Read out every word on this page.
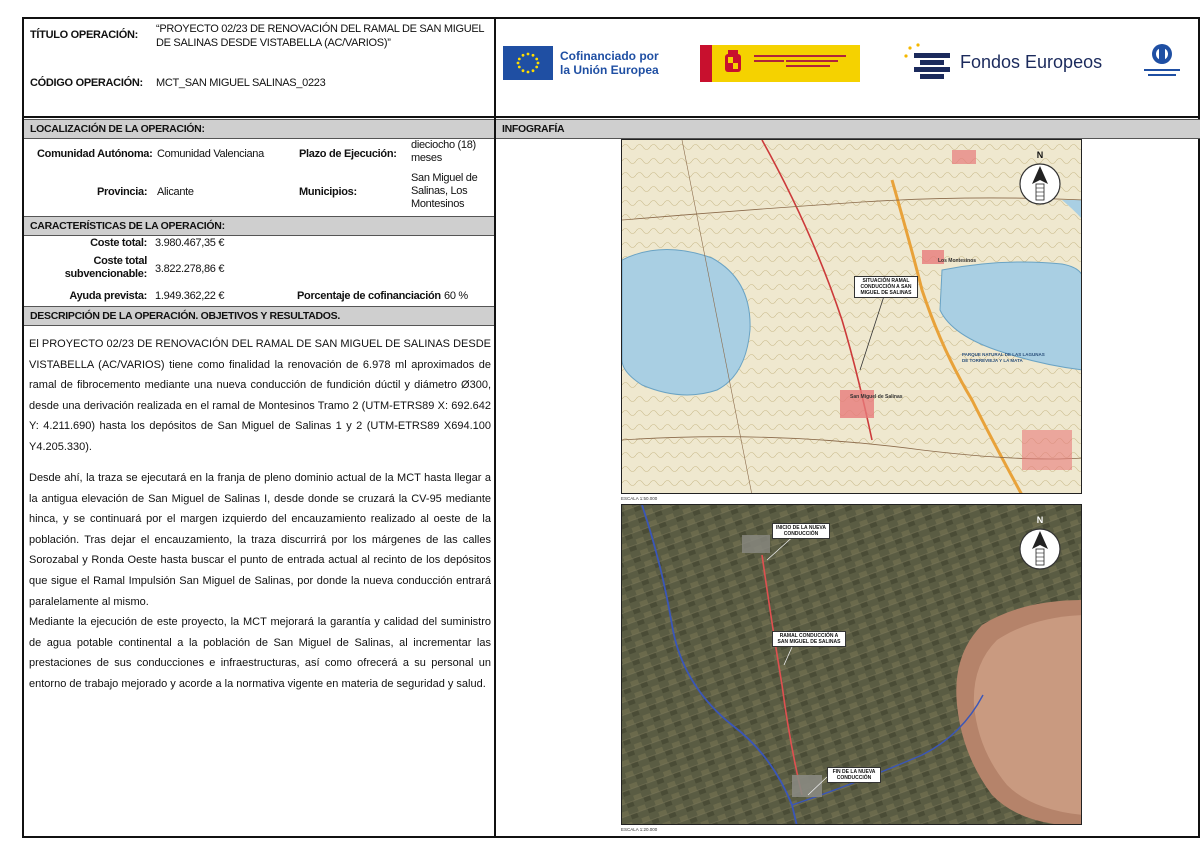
TÍTULO OPERACIÓN: “PROYECTO 02/23 DE RENOVACIÓN DEL RAMAL DE SAN MIGUEL
DE SALINAS DESDE VISTABELLA (AC/VARIOS)”
CÓDIGO OPERACIÓN: MCT_SAN MIGUEL SALINAS_0223
Cofinanciado por
la Unión Europea	Fondos Europeos
LOCALIZACIÓN DE LA OPERACIÓN:
Comunidad Autónoma: Comunidad Valenciana	Plazo de Ejecución:
dieciocho (18)
meses
Provincia: Alicante	Municipios:
San Miguel de
Salinas, Los
Montesinos
CARACTERÍSTICAS DE LA OPERACIÓN:
Coste total: 3.980.467,35 €
Coste total
subvencionable: 3.822.278,86 €
Ayuda prevista: 1.949.362,22 €	Porcentaje de cofinanciación 60 %
DESCRIPCIÓN DE LA OPERACIÓN. OBJETIVOS Y RESULTADOS.
El PROYECTO 02/23 DE RENOVACIÓN DEL RAMAL DE SAN MIGUEL DE SALINAS DESDE VISTABELLA (AC/VARIOS) tiene como finalidad la renovación de 6.978 ml aproximados de ramal de fibrocemento mediante una nueva conducción de fundición dúctil y diámetro Ø300, desde una derivación realizada en el ramal de Montesinos Tramo 2 (UTM-ETRS89 X: 692.642 Y: 4.211.690) hasta los depósitos de San Miguel de Salinas 1 y 2 (UTM-ETRS89 X694.100 Y4.205.330).
Desde ahí, la traza se ejecutará en la franja de pleno dominio actual de la MCT hasta llegar a la antigua elevación de San Miguel de Salinas I, desde donde se cruzará la CV-95 mediante hinca, y se continuará por el margen izquierdo del encauzamiento realizado al oeste de la población. Tras dejar el encauzamiento, la traza discurrirá por los márgenes de las calles Sorozabal y Ronda Oeste hasta buscar el punto de entrada actual al recinto de los depósitos que sigue el Ramal Impulsión San Miguel de Salinas, por donde la nueva conducción entrará paralelamente al mismo.
Mediante la ejecución de este proyecto, la MCT mejorará la garantía y calidad del suministro de agua potable continental a la población de San Miguel de Salinas, al incrementar las prestaciones de sus conducciones e infraestructuras, así como ofrecerá a su personal un entorno de trabajo mejorado y acorde a la normativa vigente en materia de seguridad y salud.
INFOGRAFÍA
SITUACIÓN RAMAL
CONDUCCIÓN A SAN
MIGUEL DE SALINAS
Los Montesinos
San Miguel de Salinas
PARQUE NATURAL DE LAS LAGUNAS
DE TORREVIEJA Y LA MATA
N
ESCALA 1:50.000
INICIO DE LA NUEVA
CONDUCCIÓN
RAMAL CONDUCCIÓN A
SAN MIGUEL DE SALINAS
FIN DE LA NUEVA
CONDUCCIÓN
N
ESCALA 1:20.000
